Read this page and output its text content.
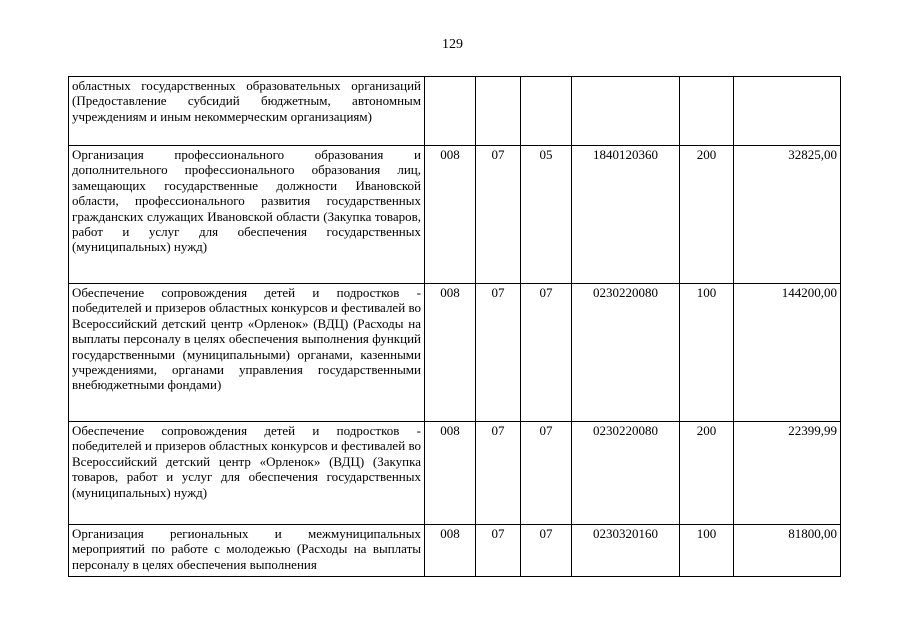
129
областных государственных образовательных организаций (Предоставление субсидий бюджетным, автономным учреждениям и иным некоммерческим организациям)						
Организация профессионального образования и дополнительного профессионального образования лиц, замещающих государственные должности Ивановской области, профессионального развития государственных гражданских служащих Ивановской области (Закупка товаров, работ и услуг для обеспечения государственных (муниципальных) нужд)	008	07	05	1840120360	200	32825,00
Обеспечение сопровождения детей и подростков - победителей и призеров областных конкурсов и фестивалей во Всероссийский детский центр «Орленок» (ВДЦ) (Расходы на выплаты персоналу в целях обеспечения выполнения функций государственными (муниципальными) органами, казенными учреждениями, органами управления государственными внебюджетными фондами)	008	07	07	0230220080	100	144200,00
Обеспечение сопровождения детей и подростков - победителей и призеров областных конкурсов и фестивалей во Всероссийский детский центр «Орленок» (ВДЦ) (Закупка товаров, работ и услуг для обеспечения государственных (муниципальных) нужд)	008	07	07	0230220080	200	22399,99
Организация региональных и межмуниципальных мероприятий по работе с молодежью (Расходы на выплаты персоналу в целях обеспечения выполнения	008	07	07	0230320160	100	81800,00
